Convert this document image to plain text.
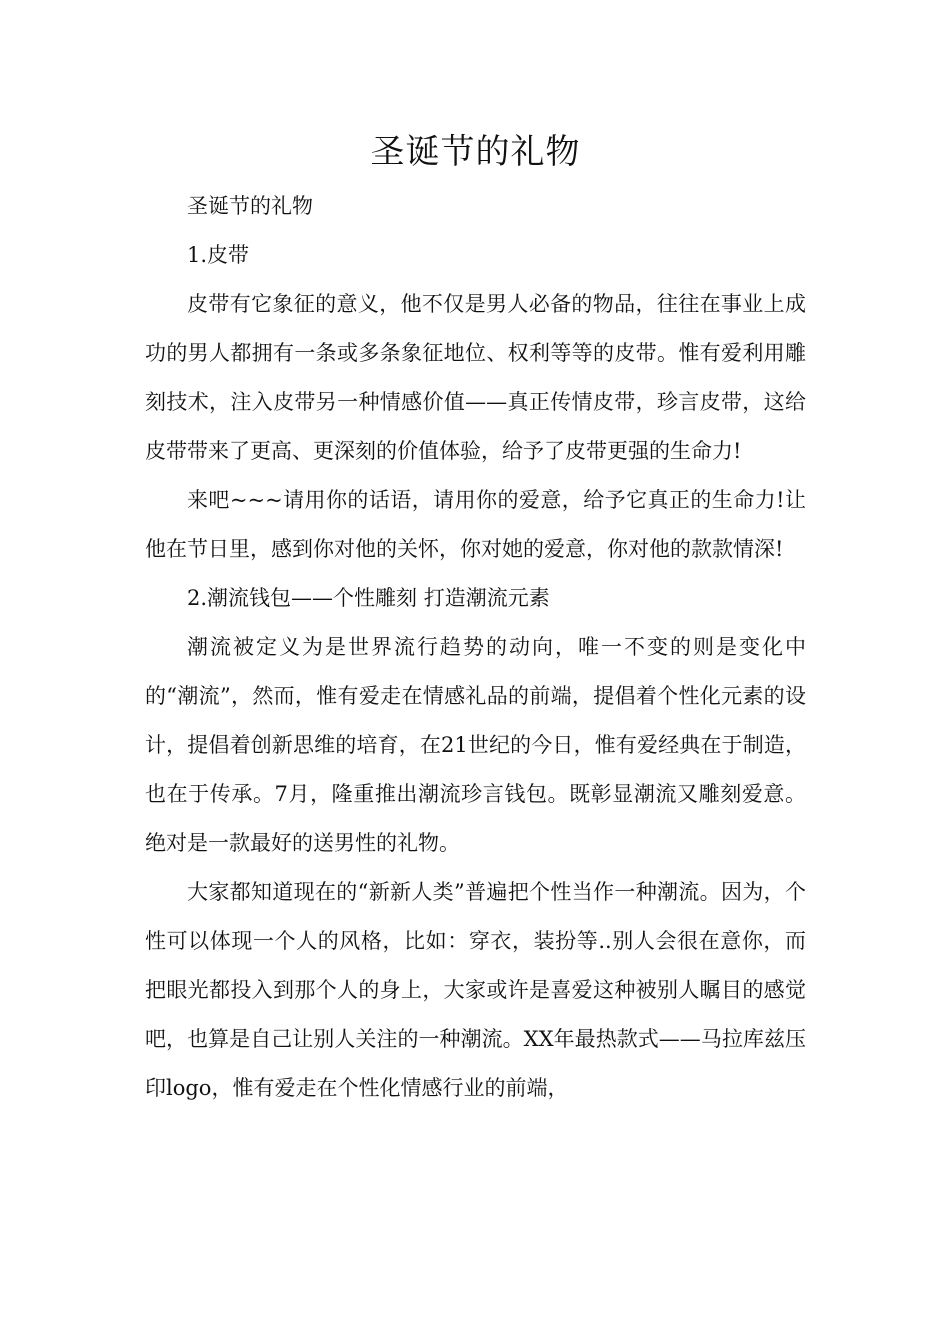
圣诞节的礼物

圣诞节的礼物

1.皮带

皮带有它象征的意义，他不仅是男人必备的物品，往往在事业上成功的男人都拥有一条或多条象征地位、权利等等的皮带。惟有爱利用雕刻技术，注入皮带另一种情感价值——真正传情皮带，珍言皮带，这给皮带带来了更高、更深刻的价值体验，给予了皮带更强的生命力!

来吧~~~请用你的话语，请用你的爱意，给予它真正的生命力!让他在节日里，感到你对他的关怀，你对她的爱意，你对他的款款情深!

2.潮流钱包——个性雕刻 打造潮流元素

潮流被定义为是世界流行趋势的动向，唯一不变的则是变化中的“潮流”，然而，惟有爱走在情感礼品的前端，提倡着个性化元素的设计，提倡着创新思维的培育，在21世纪的今日，惟有爱经典在于制造，也在于传承。7月，隆重推出潮流珍言钱包。既彰显潮流又雕刻爱意。绝对是一款最好的送男性的礼物。

大家都知道现在的“新新人类”普遍把个性当作一种潮流。因为，个性可以体现一个人的风格，比如：穿衣，装扮等..别人会很在意你，而把眼光都投入到那个人的身上，大家或许是喜爱这种被别人瞩目的感觉吧，也算是自己让别人关注的一种潮流。XX年最热款式——马拉库兹压印logo，惟有爱走在个性化情感行业的前端，
